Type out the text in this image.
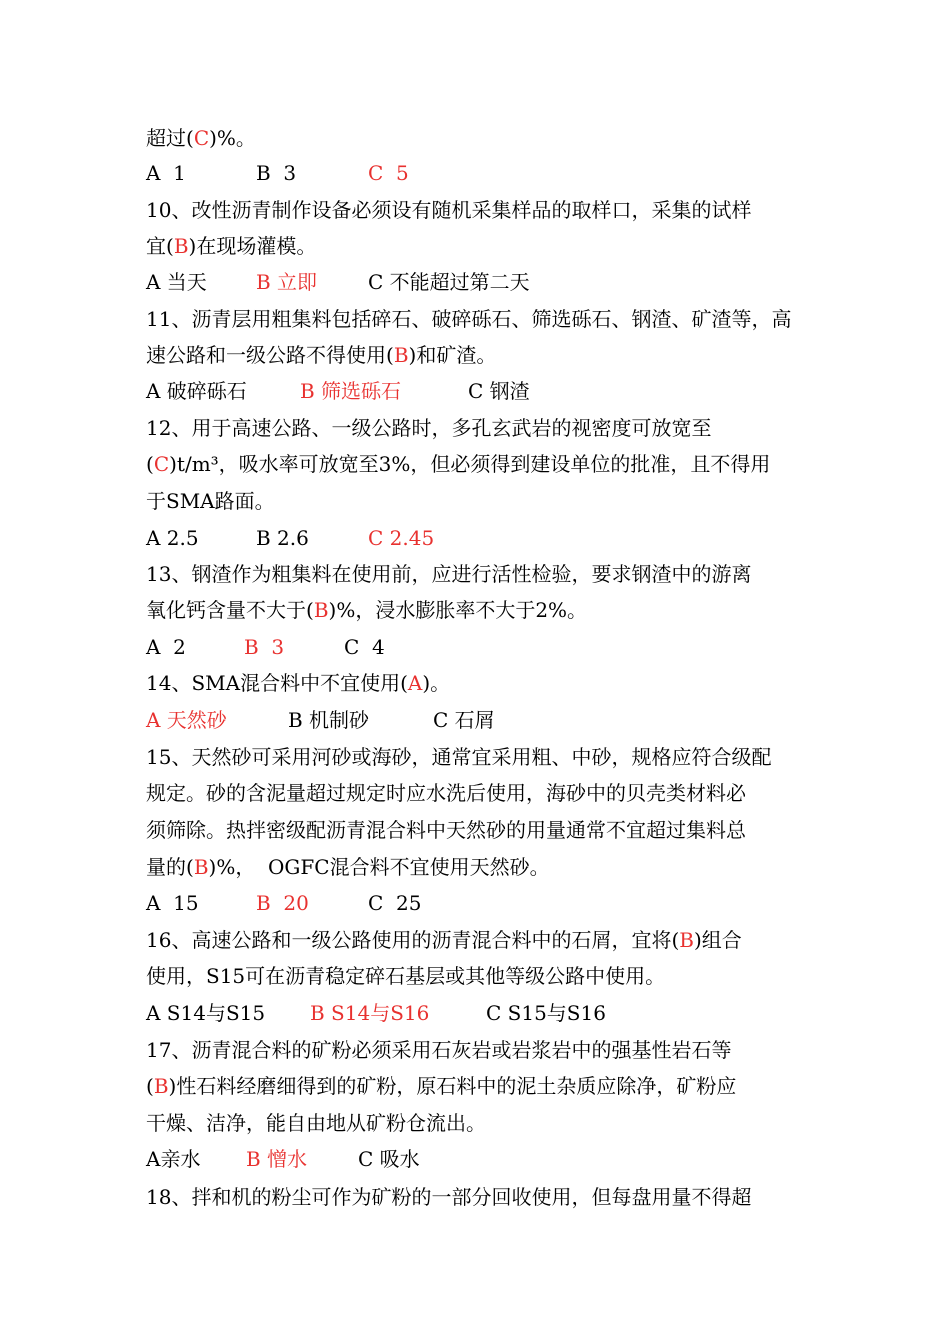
超过(C)%。
A  1	B  3	C  5
10、改性沥青制作设备必须设有随机采集样品的取样口，采集的试样
宜(B)在现场灌模。
A 当天 B 立即	C 不能超过第二天
11、沥青层用粗集料包括碎石、破碎砾石、筛选砾石、钢渣、矿渣等，高
速公路和一级公路不得使用(B)和矿渣。
A 破碎砾石	B 筛选砾石	C 钢渣
12、用于高速公路、一级公路时，多孔玄武岩的视密度可放宽至
(C)t/m³，吸水率可放宽至3%，但必须得到建设单位的批准，且不得用
于SMA路面。
A 2.5	B 2.6	C 2.45
13、钢渣作为粗集料在使用前，应进行活性检验，要求钢渣中的游离
氧化钙含量不大于(B)%，浸水膨胀率不大于2%。
A  2	B  3	C  4
14、SMA混合料中不宜使用(A)。
A 天然砂	B 机制砂	C 石屑
15、天然砂可采用河砂或海砂，通常宜采用粗、中砂，规格应符合级配
规定。砂的含泥量超过规定时应水洗后使用，海砂中的贝壳类材料必
须筛除。热拌密级配沥青混合料中天然砂的用量通常不宜超过集料总
量的(B)%，  OGFC混合料不宜使用天然砂。
A  15	B  20	C  25
16、高速公路和一级公路使用的沥青混合料中的石屑，宜将(B)组合
使用，S15可在沥青稳定碎石基层或其他等级公路中使用。
A S14与S15 B S14与S16	C S15与S16
17、沥青混合料的矿粉必须采用石灰岩或岩浆岩中的强基性岩石等
(B)性石料经磨细得到的矿粉，原石料中的泥土杂质应除净，矿粉应
干燥、洁净，能自由地从矿粉仓流出。
A亲水 B 憎水	C 吸水
18、拌和机的粉尘可作为矿粉的一部分回收使用，但每盘用量不得超
